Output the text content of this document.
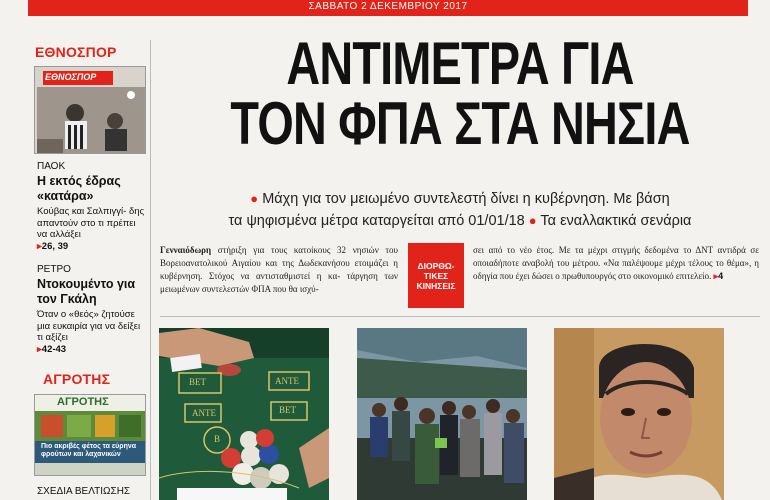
ΣΑΒΒΑΤΟ 2 ΔΕΚΕΜΒΡΙΟΥ 2017
ΕΘΝΟΣΠΟΡ
ΕΘΝΟΣΠΟΡ
ΠΑΟΚ
Η εκτός έδρας «κατάρα»
Κούβας και Σαλπιγγί- δης απαντούν στο τι πρέπει να αλλάξει
▸26, 39
ΡΕΤΡΟ
Ντοκουμέντο για τον Γκάλη
Όταν ο «θεός» ζητούσε μια ευκαιρία για να δείξει τι αξίζει
▸42-43
ΑΓΡΟΤΗΣ
ΑΓΡΟΤΗΣ
Πιο ακριβές φέτος τα εύρηνα φρούτων και λαχανικών
ΣΧΕΔΙΑ ΒΕΛΤΙΩΣΗΣ
ΑΝΤΙΜΕΤΡΑ ΓΙΑ
ΤΟΝ ΦΠΑ ΣΤΑ ΝΗΣΙΑ
● Μάχη για τον μειωμένο συντελεστή δίνει η κυβέρνηση. Με βάση
τα ψηφισμένα μέτρα καταργείται από 01/01/18 ● Τα εναλλακτικά σενάρια
Γενναιόδωρη στήριξη για τους κατοίκους 32 νησιών του Βορειοανατολικού Αιγαίου και της Δωδεκανήσου ετοιμάζει η κυβέρνηση. Στόχος να αντισταθμιστεί η κα- τάργηση των μειωμένων συντελεστών ΦΠΑ που θα ισχύ-
ΔΙΟΡΘΩ-
ΤΙΚΕΣ
ΚΙΝΗΣΕΙΣ
σει από το νέο έτος. Με τα μέχρι στιγμής δεδομένα το ΔΝΤ αντιδρά σε οποιαδήποτε αναβολή του μέτρου. «Να παλέψουμε μέχρι τέλους το θέμα», η οδηγία που έχει δώσει ο πρωθυπουργός στο οικονομικό επιτελείο. ▸4
BET	ANTE
ANTE	BET
B
